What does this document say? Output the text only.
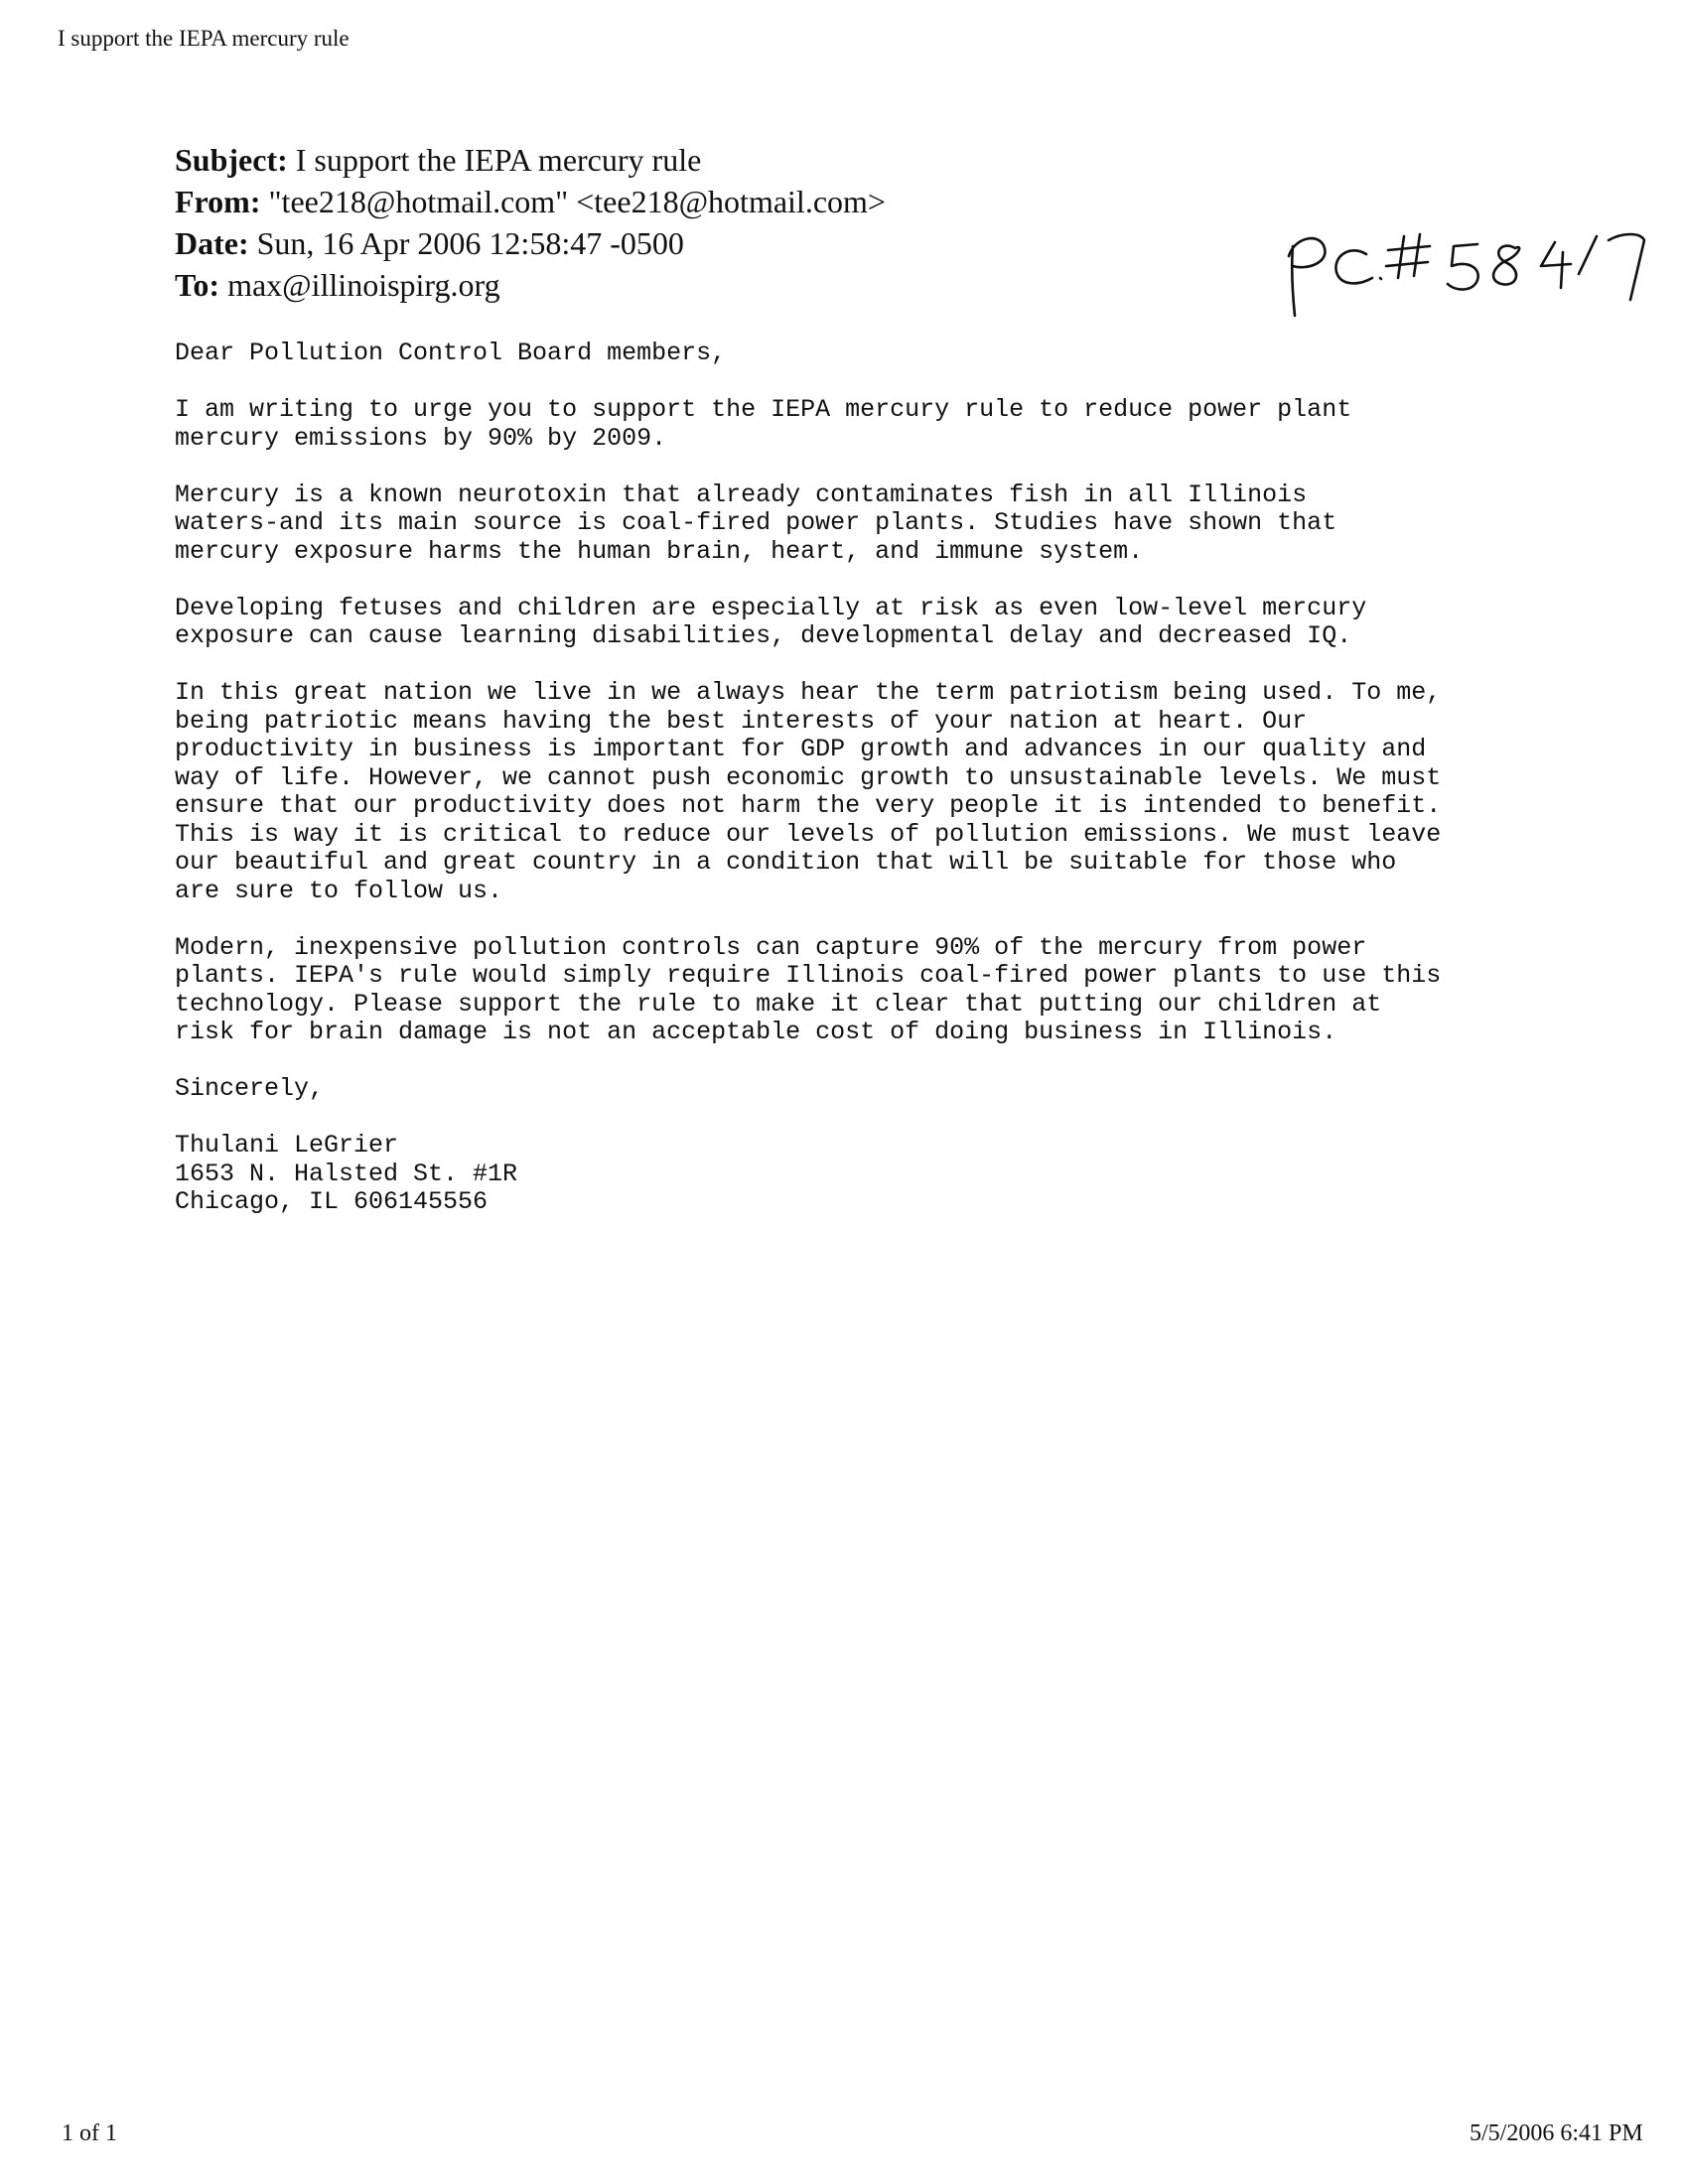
I support the IEPA mercury rule
Subject: I support the IEPA mercury rule
From: "tee218@hotmail.com" <tee218@hotmail.com>
Date: Sun, 16 Apr 2006 12:58:47 -0500
To: max@illinoispirg.org

Dear Pollution Control Board members,

I am writing to urge you to support the IEPA mercury rule to reduce power plant
mercury emissions by 90% by 2009.

Mercury is a known neurotoxin that already contaminates fish in all Illinois
waters-and its main source is coal-fired power plants. Studies have shown that
mercury exposure harms the human brain, heart, and immune system.

Developing fetuses and children are especially at risk as even low-level mercury
exposure can cause learning disabilities, developmental delay and decreased IQ.

In this great nation we live in we always hear the term patriotism being used. To me,
being patriotic means having the best interests of your nation at heart. Our
productivity in business is important for GDP growth and advances in our quality and
way of life. However, we cannot push economic growth to unsustainable levels. We must
ensure that our productivity does not harm the very people it is intended to benefit.
This is way it is critical to reduce our levels of pollution emissions. We must leave
our beautiful and great country in a condition that will be suitable for those who
are sure to follow us.

Modern, inexpensive pollution controls can capture 90% of the mercury from power
plants. IEPA's rule would simply require Illinois coal-fired power plants to use this
technology. Please support the rule to make it clear that putting our children at
risk for brain damage is not an acceptable cost of doing business in Illinois.

Sincerely,

Thulani LeGrier
1653 N. Halsted St. #1R
Chicago, IL 606145556

1 of 1	5/5/2006 6:41 PM
